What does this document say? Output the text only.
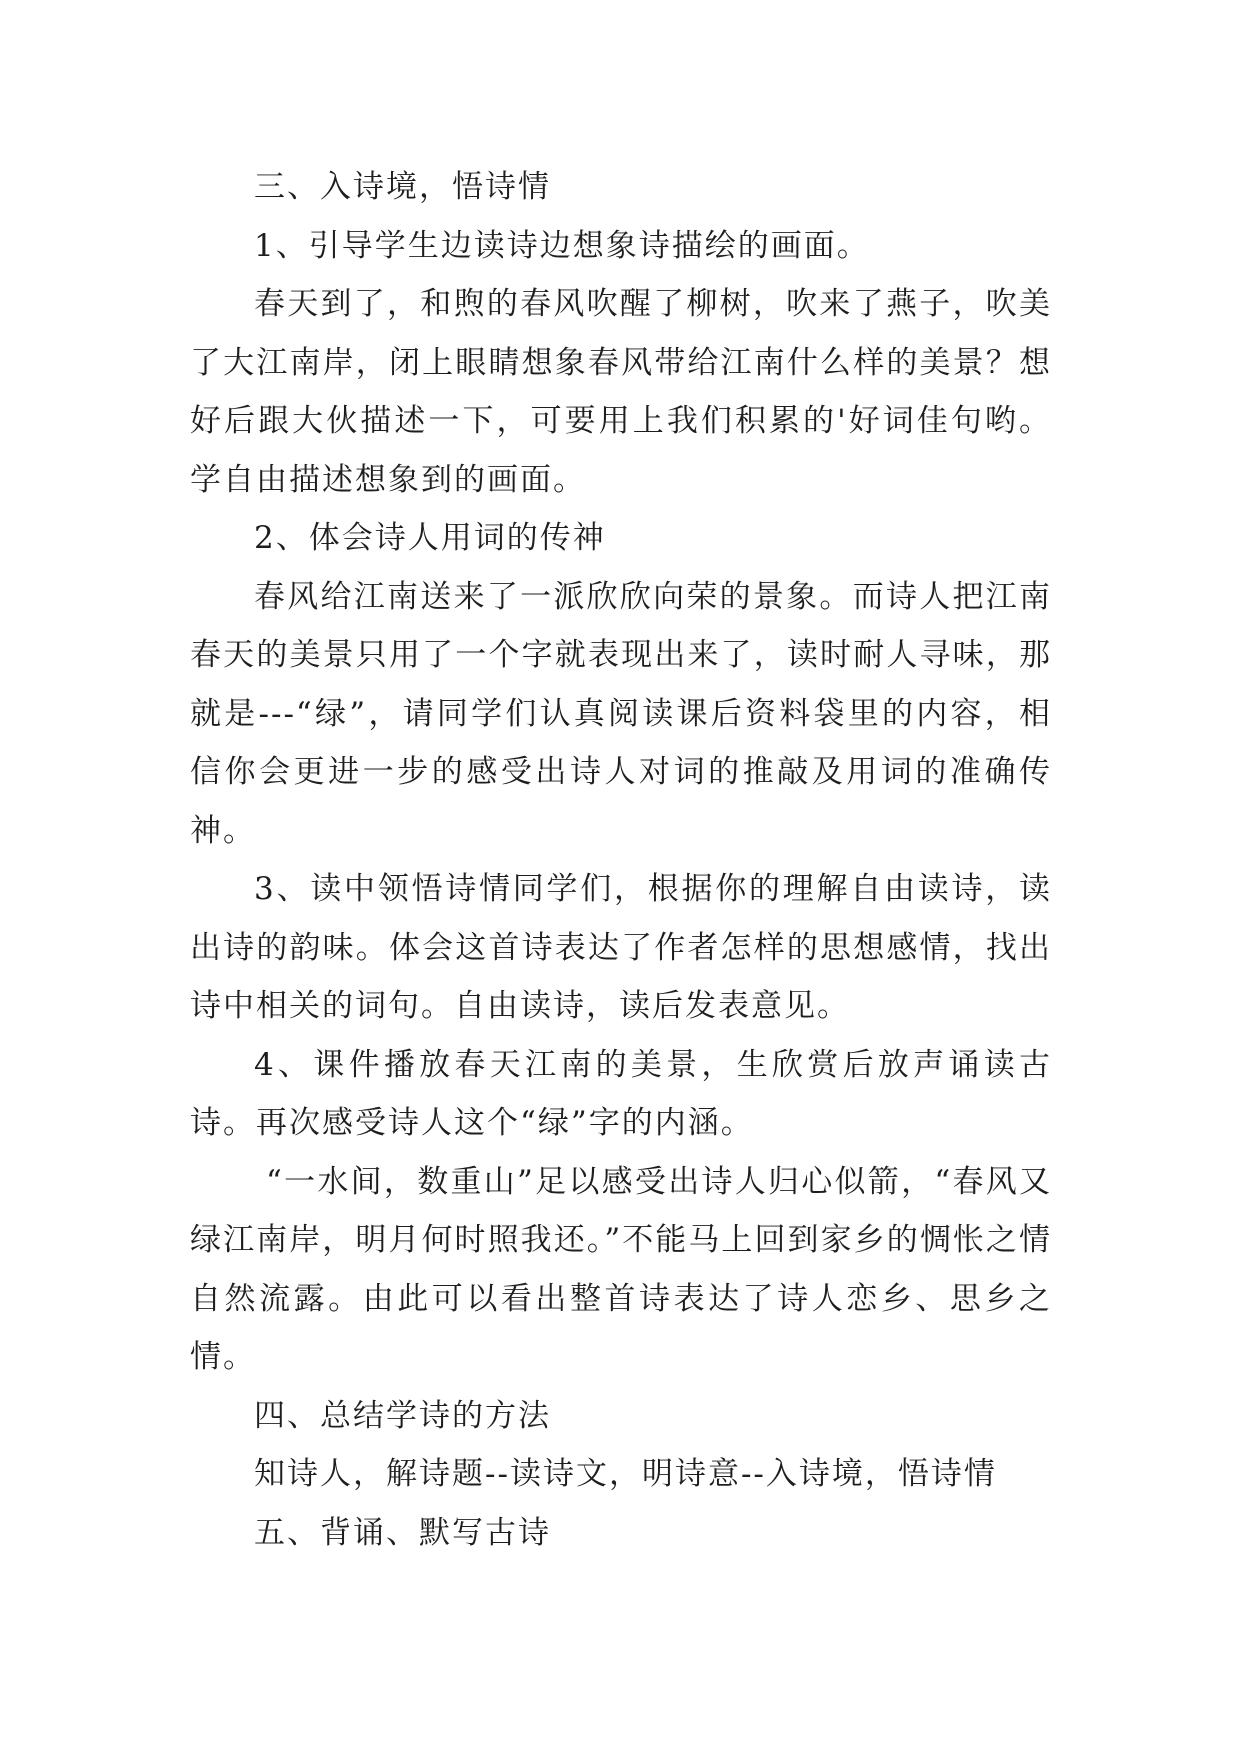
三、入诗境，悟诗情

1、引导学生边读诗边想象诗描绘的画面。

春天到了，和煦的春风吹醒了柳树，吹来了燕子，吹美了大江南岸，闭上眼睛想象春风带给江南什么样的美景？想好后跟大伙描述一下，可要用上我们积累的'好词佳句哟。学自由描述想象到的画面。

2、体会诗人用词的传神

春风给江南送来了一派欣欣向荣的景象。而诗人把江南春天的美景只用了一个字就表现出来了，读时耐人寻味，那就是---“绿”，请同学们认真阅读课后资料袋里的内容，相信你会更进一步的感受出诗人对词的推敲及用词的准确传神。

3、读中领悟诗情同学们，根据你的理解自由读诗，读出诗的韵味。体会这首诗表达了作者怎样的思想感情，找出诗中相关的词句。自由读诗，读后发表意见。

4、课件播放春天江南的美景，生欣赏后放声诵读古诗。再次感受诗人这个“绿”字的内涵。

“一水间，数重山”足以感受出诗人归心似箭，“春风又绿江南岸，明月何时照我还。”不能马上回到家乡的惆怅之情自然流露。由此可以看出整首诗表达了诗人恋乡、思乡之情。

四、总结学诗的方法

知诗人，解诗题--读诗文，明诗意--入诗境，悟诗情

五、背诵、默写古诗
